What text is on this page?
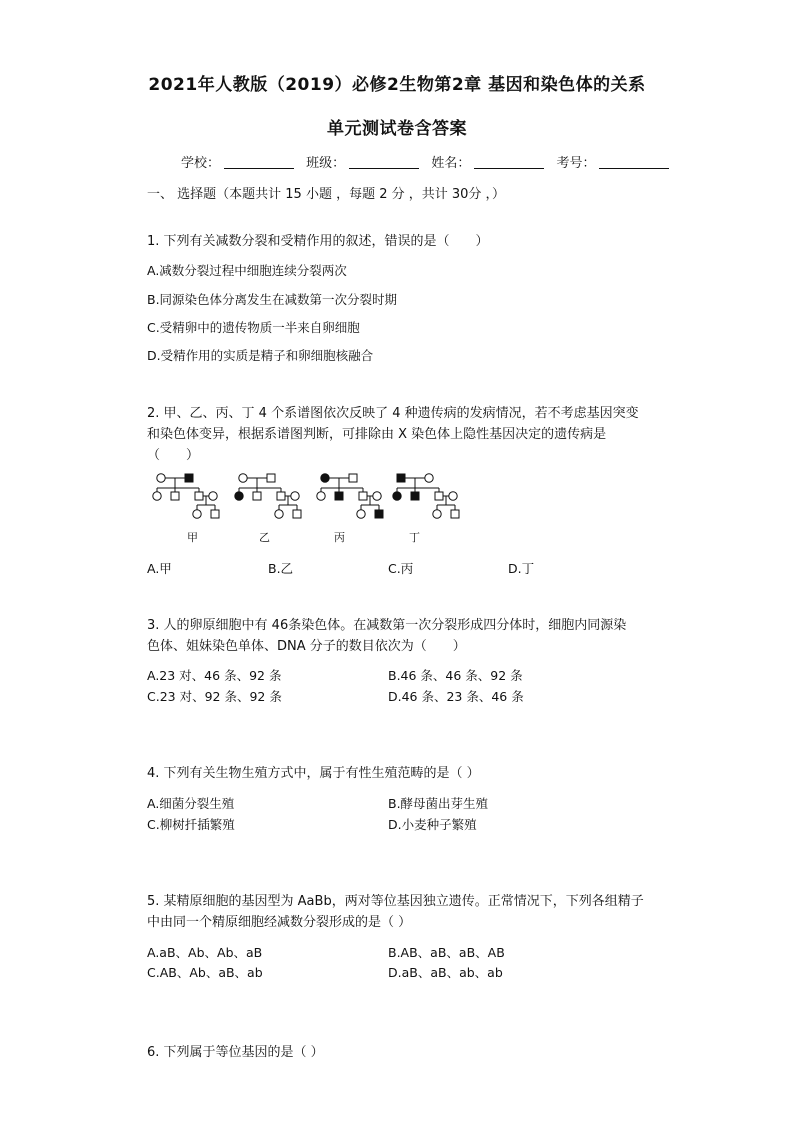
2021年人教版（2019）必修2生物第2章 基因和染色体的关系
单元测试卷含答案
学校：	班级：	姓名：	考号：
一、 选择题（本题共计 15 小题 ，每题 2 分 ，共计 30分 ，）
1. 下列有关减数分裂和受精作用的叙述，错误的是（　　）
A.减数分裂过程中细胞连续分裂两次
B.同源染色体分离发生在减数第一次分裂时期
C.受精卵中的遗传物质一半来自卵细胞
D.受精作用的实质是精子和卵细胞核融合
2. 甲、乙、丙、丁 4 个系谱图依次反映了 4 种遗传病的发病情况，若不考虑基因突变
和染色体变异，根据系谱图判断，可排除由 X 染色体上隐性基因决定的遗传病是
（　　）
甲	乙	丙	丁
A.甲	B.乙	C.丙	D.丁
3. 人的卵原细胞中有 46条染色体。在减数第一次分裂形成四分体时，细胞内同源染
色体、姐妹染色单体、DNA 分子的数目依次为（　　）
A.23 对、46 条、92 条	B.46 条、46 条、92 条
C.23 对、92 条、92 条	D.46 条、23 条、46 条
4. 下列有关生物生殖方式中，属于有性生殖范畴的是（ ）
A.细菌分裂生殖	B.酵母菌出芽生殖
C.柳树扦插繁殖	D.小麦种子繁殖
5. 某精原细胞的基因型为 AaBb，两对等位基因独立遗传。正常情况下，下列各组精子
中由同一个精原细胞经减数分裂形成的是（ ）
A.aB、Ab、Ab、aB	B.AB、aB、aB、AB
C.AB、Ab、aB、ab	D.aB、aB、ab、ab
6. 下列属于等位基因的是（ ）
